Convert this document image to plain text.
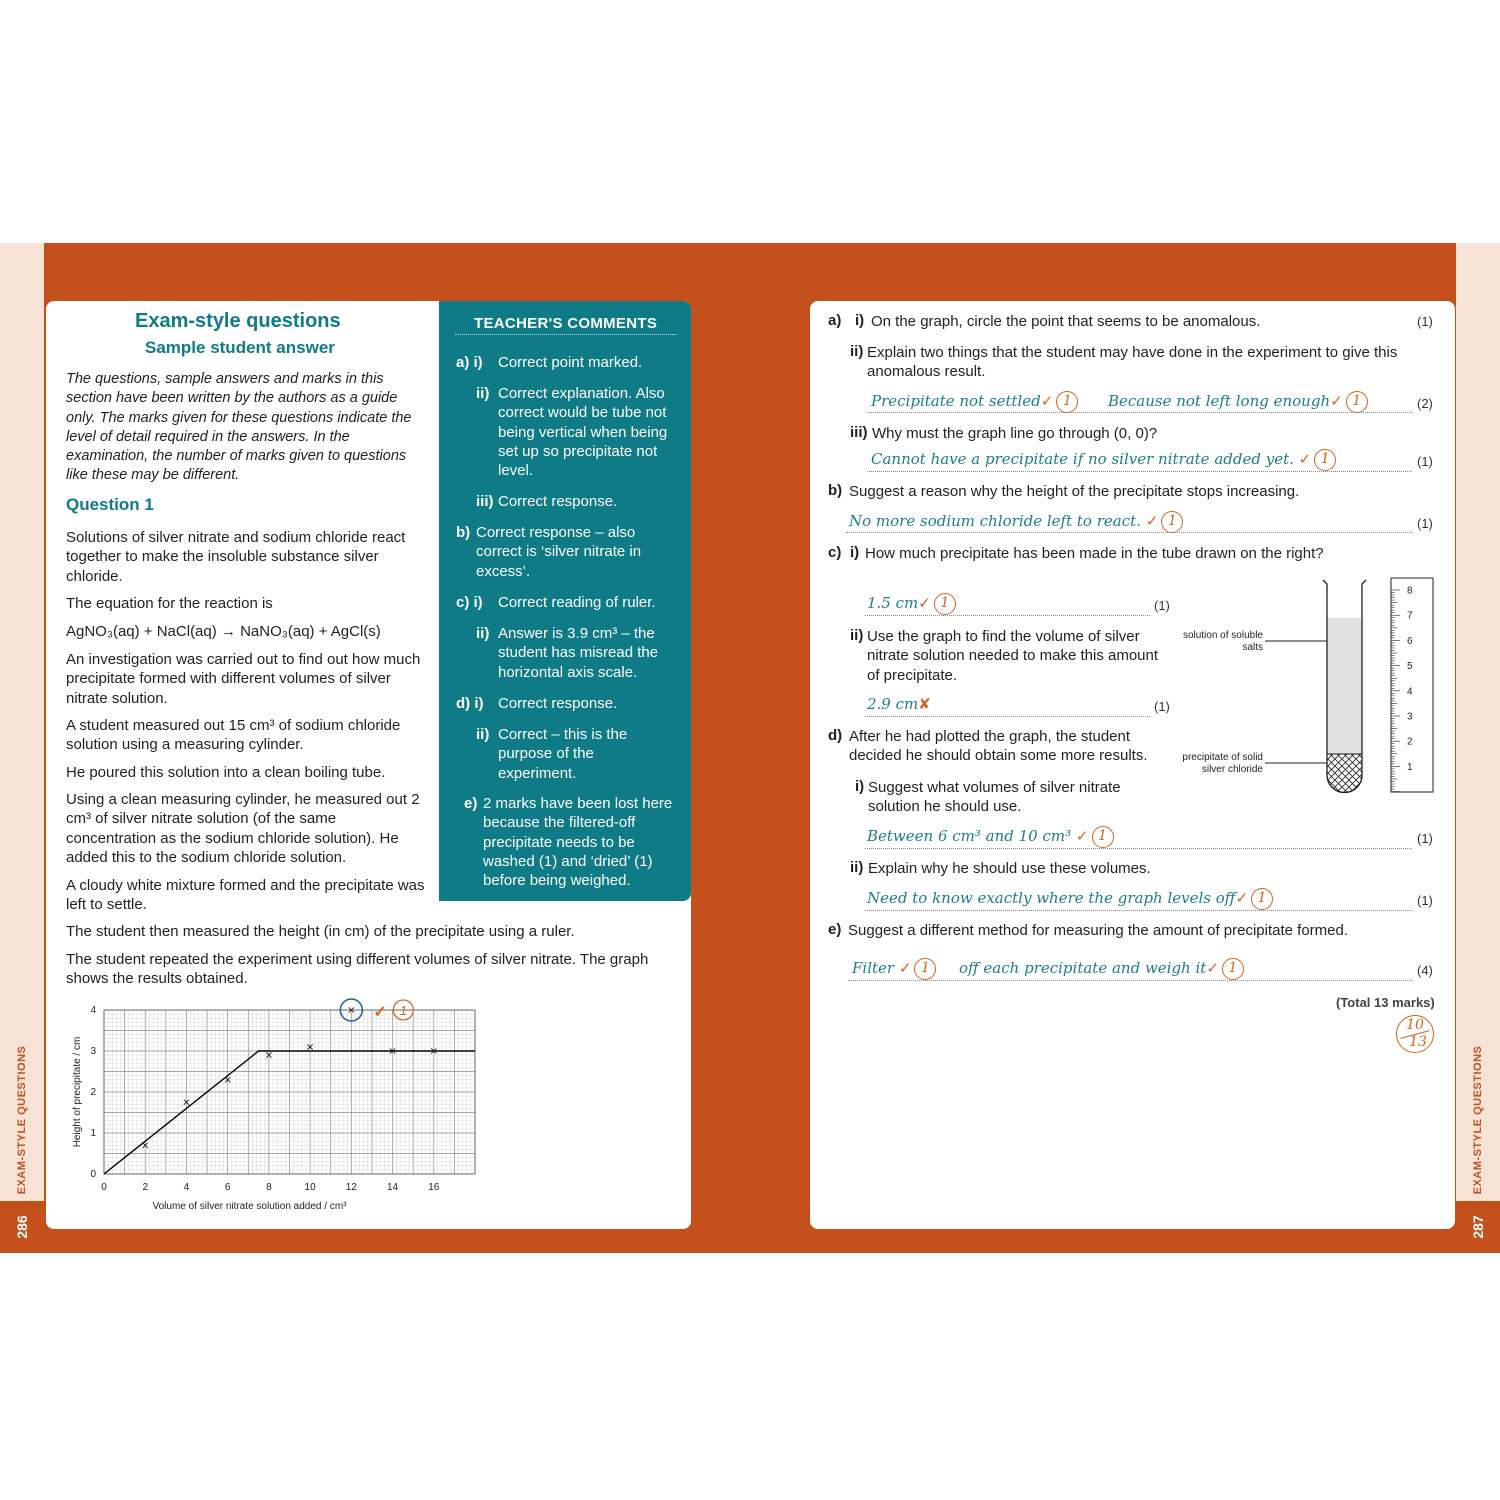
EXAM-STYLE QUESTIONS	EXAM-STYLE QUESTIONS
286	287
Exam-style questions
Sample student answer
The questions, sample answers and marks in this section have been written by the authors as a guide only. The marks given for these questions indicate the level of detail required in the answers. In the examination, the number of marks given to questions like these may be different.
Question 1
Solutions of silver nitrate and sodium chloride react together to make the insoluble substance silver chloride.
The equation for the reaction is
AgNO₃(aq) + NaCl(aq) → NaNO₃(aq) + AgCl(s)
An investigation was carried out to find out how much precipitate formed with different volumes of silver nitrate solution.
A student measured out 15 cm³ of sodium chloride solution using a measuring cylinder.
He poured this solution into a clean boiling tube.
Using a clean measuring cylinder, he measured out 2 cm³ of silver nitrate solution (of the same concentration as the sodium chloride solution). He added this to the sodium chloride solution.
A cloudy white mixture formed and the precipitate was left to settle.
The student then measured the height (in cm) of the precipitate using a ruler.
The student repeated the experiment using different volumes of silver nitrate. The graph shows the results obtained.
TEACHER'S COMMENTS
a) i) Correct point marked.
ii) Correct explanation. Also correct would be tube not being vertical when being set up so precipitate not level.
iii) Correct response.
b) Correct response – also correct is ‘silver nitrate in excess’.
c) i) Correct reading of ruler.
ii) Answer is 3.9 cm³ – the student has misread the horizontal axis scale.
d) i) Correct response.
ii) Correct – this is the purpose of the experiment.
e) 2 marks have been lost here because the filtered-off precipitate needs to be washed (1) and ‘dried’ (1) before being weighed.
0	2	4	6	8	10	12	14	16
0
1
2
3
4
Volume of silver nitrate solution added / cm³
Height of precipitate / cm
✓ 1
a) i) On the graph, circle the point that seems to be anomalous.	(1)
ii) Explain two things that the student may have done in the experiment to give this anomalous result.
Precipitate not settled✓ 1	Because not left long enough✓ 1	(2)
iii) Why must the graph line go through (0, 0)?
Cannot have a precipitate if no silver nitrate added yet. ✓ 1	(1)
b) Suggest a reason why the height of the precipitate stops increasing.
No more sodium chloride left to react. ✓ 1	(1)
c) i) How much precipitate has been made in the tube drawn on the right?
1.5 cm✓ 1	(1)
ii) Use the graph to find the volume of silver nitrate solution needed to make this amount of precipitate.
2.9 cm✘	(1)
d) After he had plotted the graph, the student decided he should obtain some more results.
i) Suggest what volumes of silver nitrate solution he should use.
Between 6 cm³ and 10 cm³ ✓ 1	(1)
ii) Explain why he should use these volumes.
Need to know exactly where the graph levels off✓ 1	(1)
e) Suggest a different method for measuring the amount of precipitate formed.
Filter ✓ 1	off each precipitate and weigh it✓ 1	(4)
(Total 13 marks)
10
13
solution of soluble salts
precipitate of solid silver chloride
8
7
6
5
4
3
2
1
